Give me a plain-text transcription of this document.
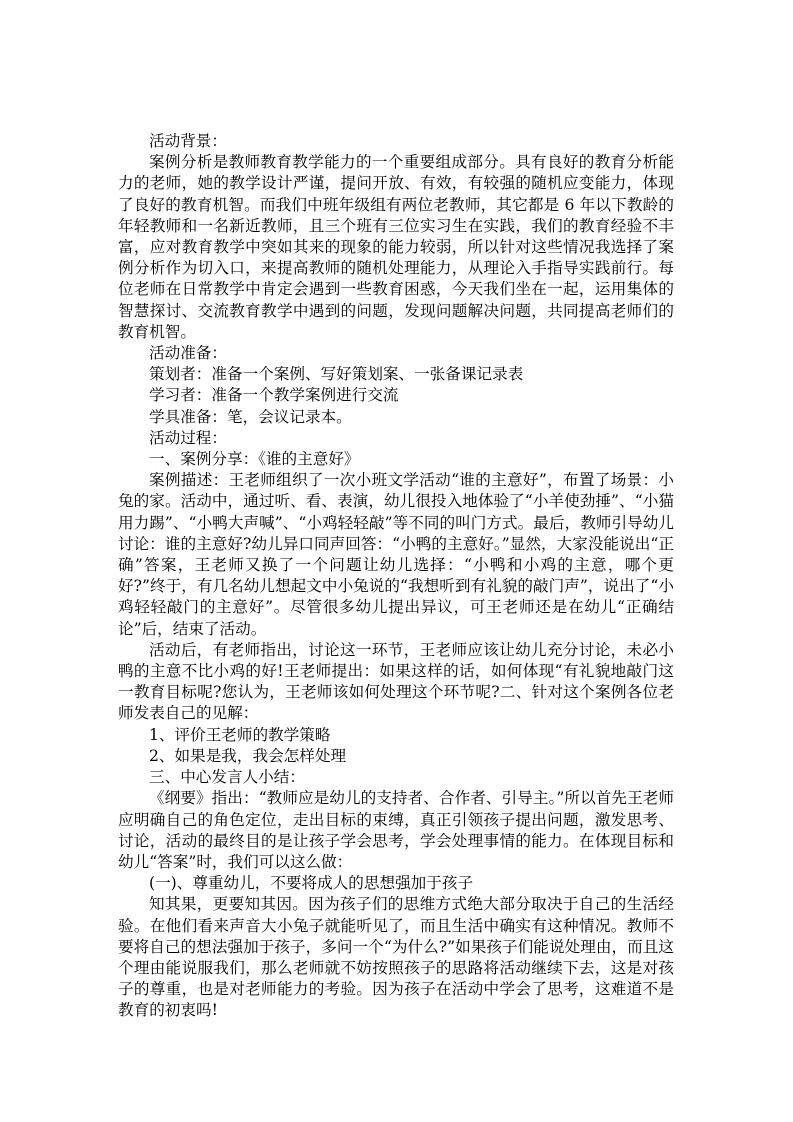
活动背景：

案例分析是教师教育教学能力的一个重要组成部分。具有良好的教育分析能力的老师，她的教学设计严谨，提问开放、有效，有较强的随机应变能力，体现了良好的教育机智。而我们中班年级组有两位老教师，其它都是 6 年以下教龄的年轻教师和一名新近教师，且三个班有三位实习生在实践，我们的教育经验不丰富，应对教育教学中突如其来的现象的能力较弱，所以针对这些情况我选择了案例分析作为切入口，来提高教师的随机处理能力，从理论入手指导实践前行。每位老师在日常教学中肯定会遇到一些教育困惑，今天我们坐在一起，运用集体的智慧探讨、交流教育教学中遇到的问题，发现问题解决问题，共同提高老师们的教育机智。

活动准备：

策划者：准备一个案例、写好策划案、一张备课记录表

学习者：准备一个教学案例进行交流

学具准备：笔，会议记录本。

活动过程：

一、案例分享：《谁的主意好》

案例描述：王老师组织了一次小班文学活动“谁的主意好”，布置了场景：小兔的家。活动中，通过听、看、表演，幼儿很投入地体验了“小羊使劲捶”、“小猫用力踢”、“小鸭大声喊”、“小鸡轻轻敲”等不同的叫门方式。最后，教师引导幼儿讨论：谁的主意好?幼儿异口同声回答：“小鸭的主意好。”显然，大家没能说出“正确”答案，王老师又换了一个问题让幼儿选择：“小鸭和小鸡的主意，哪个更好?”终于，有几名幼儿想起文中小兔说的“我想听到有礼貌的敲门声”，说出了“小鸡轻轻敲门的主意好”。尽管很多幼儿提出异议，可王老师还是在幼儿“正确结论”后，结束了活动。

活动后，有老师指出，讨论这一环节，王老师应该让幼儿充分讨论，未必小鸭的主意不比小鸡的好!王老师提出：如果这样的话，如何体现“有礼貌地敲门这一教育目标呢?您认为，王老师该如何处理这个环节呢?二、针对这个案例各位老师发表自己的见解：

1、评价王老师的教学策略

2、如果是我，我会怎样处理

三、中心发言人小结：

《纲要》指出：“教师应是幼儿的支持者、合作者、引导主。”所以首先王老师应明确自己的角色定位，走出目标的束缚，真正引领孩子提出问题，激发思考、讨论，活动的最终目的是让孩子学会思考，学会处理事情的能力。在体现目标和幼儿“答案”时，我们可以这么做：

(一)、尊重幼儿，不要将成人的思想强加于孩子

知其果，更要知其因。因为孩子们的思维方式绝大部分取决于自己的生活经验。在他们看来声音大小兔子就能听见了，而且生活中确实有这种情况。教师不要将自己的想法强加于孩子，多问一个“为什么?”如果孩子们能说处理由，而且这个理由能说服我们，那么老师就不妨按照孩子的思路将活动继续下去，这是对孩子的尊重，也是对老师能力的考验。因为孩子在活动中学会了思考，这难道不是教育的初衷吗!
